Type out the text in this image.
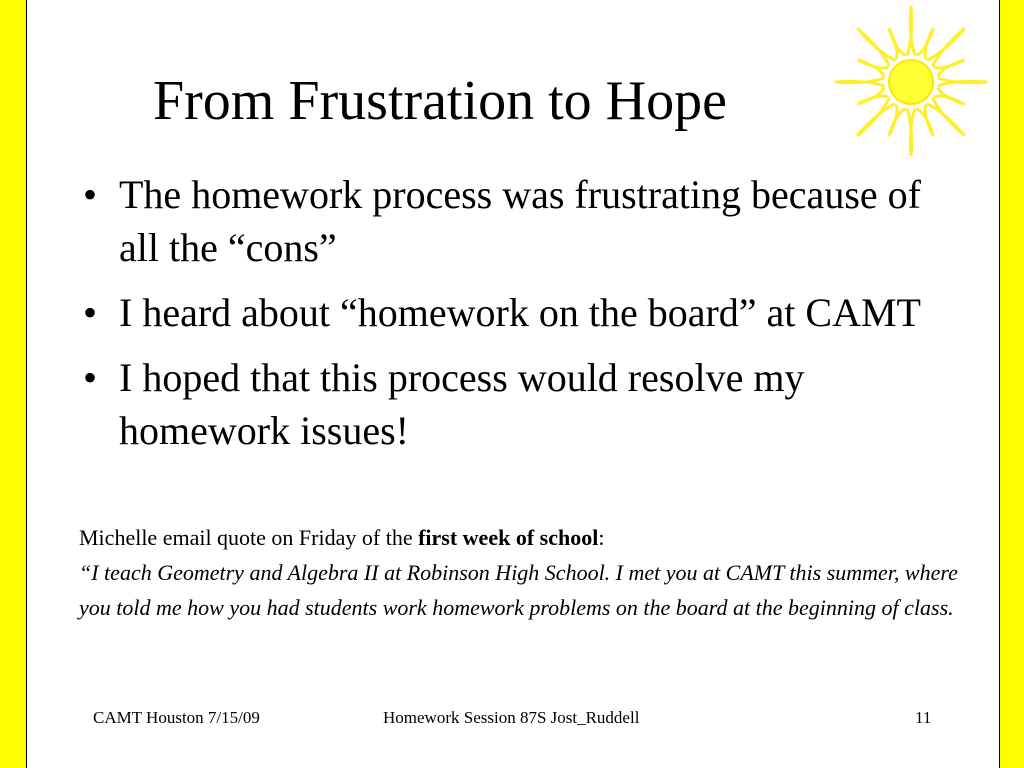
From Frustration to Hope
• The homework process was frustrating because of all the “cons”
• I heard about “homework on the board” at CAMT
• I hoped that this process would resolve my homework issues!
Michelle email quote on Friday of the first week of school:
“I teach Geometry and Algebra II at Robinson High School. I met you at CAMT this summer, where you told me how you had students work homework problems on the board at the beginning of class.
CAMT Houston 7/15/09	Homework Session 87S Jost_Ruddell	11
